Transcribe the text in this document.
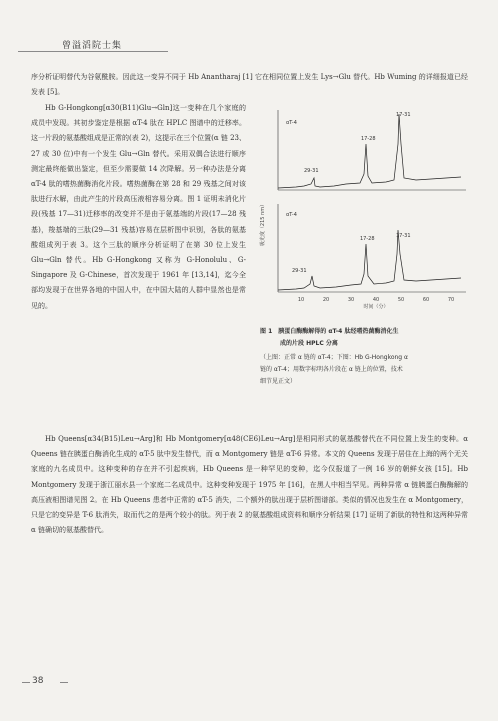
曾溢滔院士集

序分析证明替代为谷氨酰胺。因此这一变异不同于 Hb Anantharaj [1] 它在相同位置上发生 Lys→Glu 替代。Hb Wuming 的详细报道已经发表 [5]。

Hb G-Hongkong[α30(B11)Glu→Gln]这一变种在几个家庭的成员中发现。其初步鉴定是根据 αT-4 肽在 HPLC 图谱中的迁移率。这一片段的氨基酸组成是正常的(表 2)，这提示在三个位置(α 链 23、27 或 30 位)中有一个发生 Glu→Gln 替代。采用双偶合法进行顺序测定最终能做出鉴定，但至少需要做 14 次降解。另一种办法是分离 αT-4 肽的嗜热菌酶消化片段。嗜热菌酶在第 28 和 29 残基之间对该肽进行水解，由此产生的片段高压液相容易分离。图 1 证明未消化片段(残基 17—31)迁移率的改变并不是由于氨基端的片段(17—28 残基)，羧基端的三肽(29—31 残基)容易在层析图中识别，各肽的氨基酸组成列于表 3。这个三肽的顺序分析证明了在第 30 位上发生 Glu→Gln 替代。Hb G-Hongkong 又称为 G-Honolulu、G-Singapore 及 G-Chinese，首次发现于 1961 年 [13,14]，迄今全部均发现于在世界各地的中国人中，在中国大陆的人群中显然也是常见的。

吸光度（215 nm）
αT-4
17-31
17-28
29-31
αT-4
17-31
17-28
29-31
10	20	30	40	50	60	70
时间（分）
图 1 胰蛋白酶酶解得的 αT-4 肽经嗜热菌酶消化生
成的片段 HPLC 分离
（上图：正常 α 链的 αT-4；下图：Hb G-Hongkong α
链的 αT-4；用数字标明各片段在 α 链上的位置，技术
细节见正文）

Hb Queens[α34(B15)Leu→Arg]和 Hb Montgomery[α48(CE6)Leu→Arg]是相同形式的氨基酸替代在不同位置上发生的变种。α Queens 链在胰蛋白酶消化生成的 αT-5 肽中发生替代，而 α Montgomery 链是 αT-6 异常。本文的 Queens 发现于居住在上海的两个无关家庭的九名成员中。这种变种的存在并不引起疾病，Hb Queens 是一种罕见的变种，迄今仅报道了一例 16 岁的朝鲜女孩 [15]。Hb Montgomery 发现于浙江丽水县一个家庭二名成员中。这种变种发现于 1975 年 [16]，在黑人中相当罕见。两种异常 α 链胰蛋白酶酶解的高压液相图谱见图 2。在 Hb Queens 患者中正常的 αT-5 消失，二个额外的肽出现于层析图谱部。类似的情况也发生在 α Montgomery，只是它的变异是 T-6 肽消失，取而代之的是两个较小的肽。列于表 2 的氨基酸组成资料和顺序分析结果 [17] 证明了新肽的特性和这两种异常 α 链确切的氨基酸替代。

38
